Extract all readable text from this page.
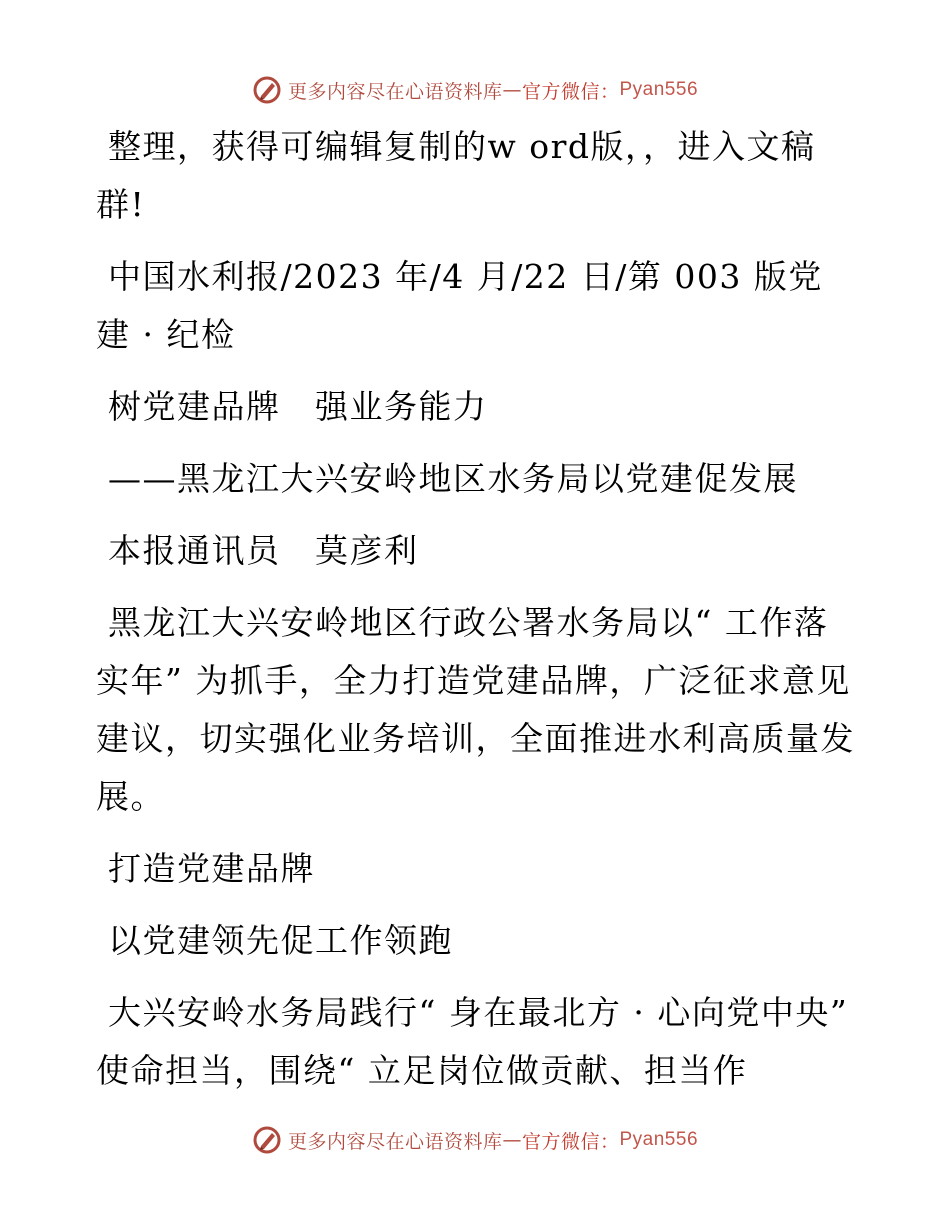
更多内容尽在心语资料库 — 官方微信： Pyan556

整理，获得可编辑复制的w ord版，，进入文稿群!

中国水利报/2023 年/4 月/22 日/第 003 版党建 · 纪检

树党建品牌　强业务能力

——黑龙江大兴安岭地区水务局以党建促发展

本报通讯员　莫彦利

黑龙江大兴安岭地区行政公署水务局以“ 工作落实年” 为抓手，全力打造党建品牌，广泛征求意见建议，切实强化业务培训，全面推进水利高质量发展。

打造党建品牌

以党建领先促工作领跑

大兴安岭水务局践行“ 身在最北方 · 心向党中央” 使命担当，围绕“ 立足岗位做贡献、担当作

更多内容尽在心语资料库 — 官方微信： Pyan556
